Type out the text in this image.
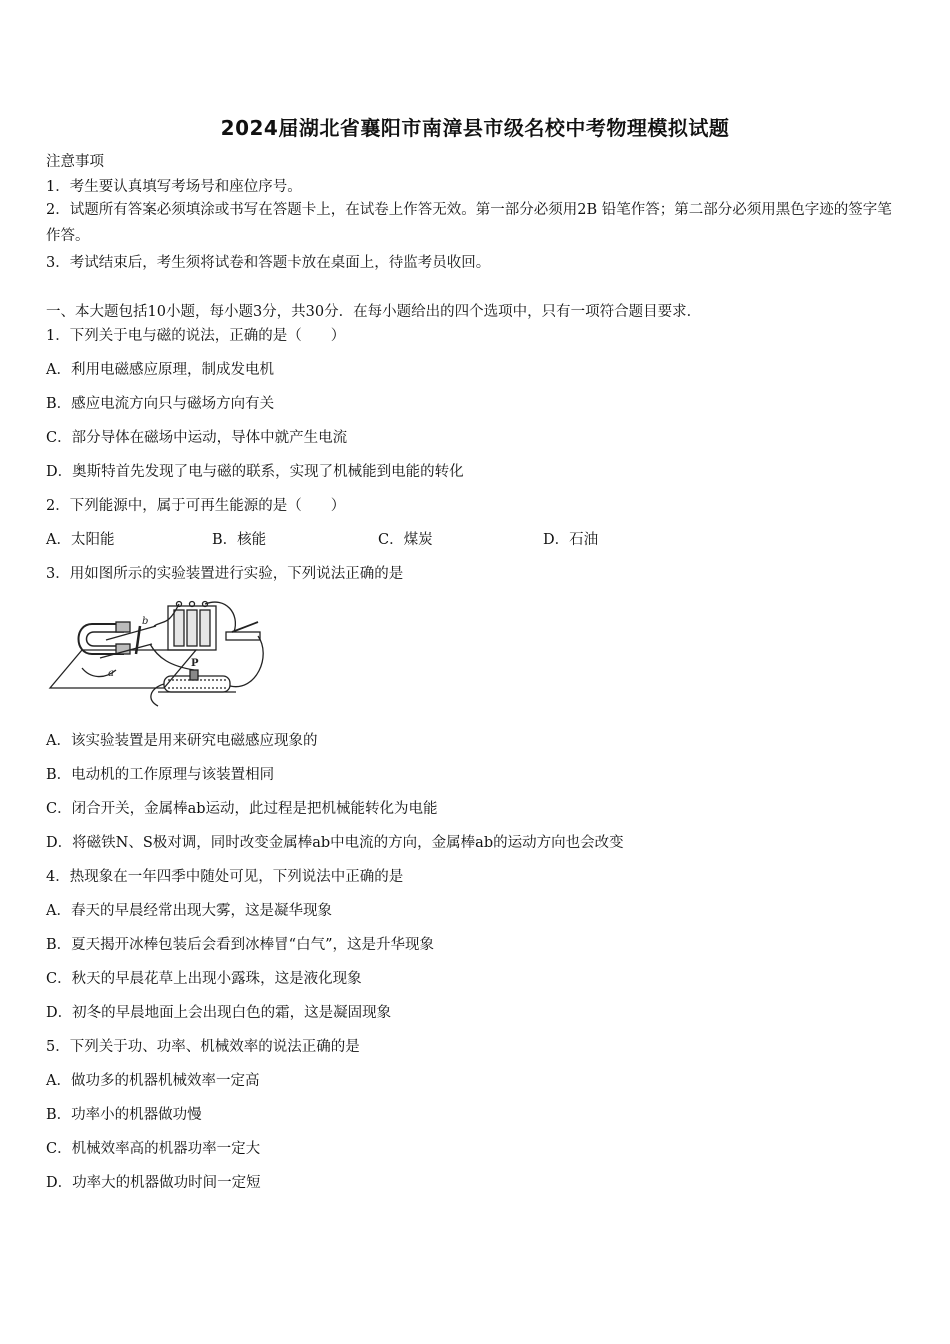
2024届湖北省襄阳市南漳县市级名校中考物理模拟试题
注意事项
1．考生要认真填写考场号和座位序号。
2．试题所有答案必须填涂或书写在答题卡上，在试卷上作答无效。第一部分必须用2B 铅笔作答；第二部分必须用黑色字迹的签字笔作答。
3．考试结束后，考生须将试卷和答题卡放在桌面上，待监考员收回。
一、本大题包括10小题，每小题3分，共30分．在每小题给出的四个选项中，只有一项符合题目要求．
1．下列关于电与磁的说法，正确的是（　　）
A．利用电磁感应原理，制成发电机
B．感应电流方向只与磁场方向有关
C．部分导体在磁场中运动，导体中就产生电流
D．奥斯特首先发现了电与磁的联系，实现了机械能到电能的转化
2．下列能源中，属于可再生能源的是（　　）
A．太阳能	B．核能	C．煤炭	D．石油
3．用如图所示的实验装置进行实验，下列说法正确的是
b
a
P
A．该实验装置是用来研究电磁感应现象的
B．电动机的工作原理与该装置相同
C．闭合开关，金属棒ab运动，此过程是把机械能转化为电能
D．将磁铁N、S极对调，同时改变金属棒ab中电流的方向，金属棒ab的运动方向也会改变
4．热现象在一年四季中随处可见，下列说法中正确的是
A．春天的早晨经常出现大雾，这是凝华现象
B．夏天揭开冰棒包装后会看到冰棒冒“白气”，这是升华现象
C．秋天的早晨花草上出现小露珠，这是液化现象
D．初冬的早晨地面上会出现白色的霜，这是凝固现象
5．下列关于功、功率、机械效率的说法正确的是
A．做功多的机器机械效率一定高
B．功率小的机器做功慢
C．机械效率高的机器功率一定大
D．功率大的机器做功时间一定短
